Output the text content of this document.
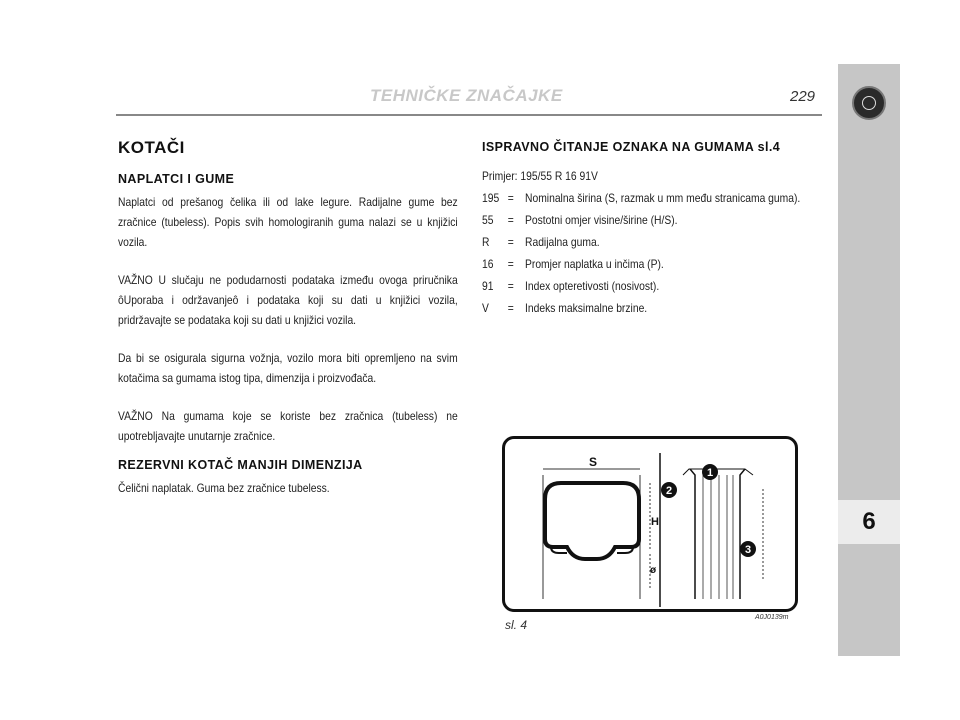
TEHNIČKE ZNAČAJKE	229
6
KOTAČI
NAPLATCI I GUME
Naplatci od prešanog čelika ili od lake legure. Radijalne gume bez zračnice (tubeless). Popis svih homologiranih guma nalazi se u knjižici vozila.
VAŽNO U slučaju ne podudarnosti podataka između ovoga priručnika ôUporaba i održavanjeô i podataka koji su dati u knjižici vozila, pridržavajte se podataka koji su dati u knjižici vozila.
Da bi se osigurala sigurna vožnja, vozilo mora biti opremljeno na svim kotačima sa gumama istog tipa, dimenzija i proizvođača.
VAŽNO Na gumama koje se koriste bez zračnica (tubeless) ne upotrebljavajte unutarnje zračnice.
REZERVNI KOTAČ MANJIH DIMENZIJA
Čelični naplatak. Guma bez zračnice tubeless.
ISPRAVNO ČITANJE OZNAKA NA GUMAMA sl.4
Primjer: 195/55 R 16 91V
195 = Nominalna širina (S, razmak u mm među stranicama guma).
55	= Postotni omjer visine/širine (H/S).
R	= Radijalna guma.
16	= Promjer naplatka u inčima (P).
91	= Index opteretivosti (nosivost).
V	= Indeks maksimalne brzine.
1
2
3
S
H
ø
sl. 4
A0J0139m
